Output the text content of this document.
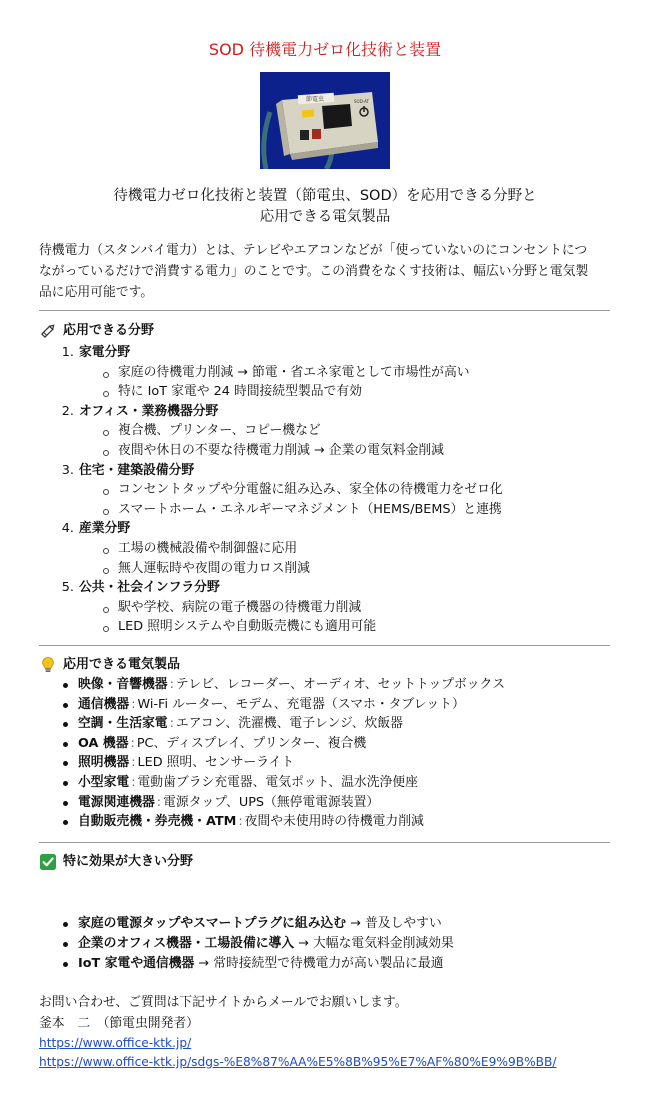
SOD 待機電力ゼロ化技術と装置
節電虫	SOD-AT
待機電力ゼロ化技術と装置（節電虫、SOD）を応用できる分野と
応用できる電気製品
待機電力（スタンバイ電力）とは、テレビやエアコンなどが「使っていないのにコンセントにつ
ながっているだけで消費する電力」のことです。この消費をなくす技術は、幅広い分野と電気製
品に応用可能です。
応用できる分野
1. 家電分野
家庭の待機電力削減 → 節電・省エネ家電として市場性が高い
特に IoT 家電や 24 時間接続型製品で有効
2. オフィス・業務機器分野
複合機、プリンター、コピー機など
夜間や休日の不要な待機電力削減 → 企業の電気料金削減
3. 住宅・建築設備分野
コンセントタップや分電盤に組み込み、家全体の待機電力をゼロ化
スマートホーム・エネルギーマネジメント（HEMS/BEMS）と連携
4. 産業分野
工場の機械設備や制御盤に応用
無人運転時や夜間の電力ロス削減
5. 公共・社会インフラ分野
駅や学校、病院の電子機器の待機電力削減
LED 照明システムや自動販売機にも適用可能
応用できる電気製品
映像・音響機器 : テレビ、レコーダー、オーディオ、セットトップボックス
通信機器 : Wi-Fi ルーター、モデム、充電器（スマホ・タブレット）
空調・生活家電 : エアコン、洗濯機、電子レンジ、炊飯器
OA 機器 : PC、ディスプレイ、プリンター、複合機
照明機器 : LED 照明、センサーライト
小型家電 : 電動歯ブラシ充電器、電気ポット、温水洗浄便座
電源関連機器 : 電源タップ、UPS（無停電電源装置）
自動販売機・券売機・ATM : 夜間や未使用時の待機電力削減
特に効果が大きい分野
家庭の電源タップやスマートプラグに組み込む → 普及しやすい
企業のオフィス機器・工場設備に導入 → 大幅な電気料金削減効果
IoT 家電や通信機器 → 常時接続型で待機電力が高い製品に最適
お問い合わせ、ご質問は下記サイトからメールでお願いします。
釜本　二　（節電虫開発者）
https://www.office-ktk.jp/
https://www.office-ktk.jp/sdgs-%E8%87%AA%E5%8B%95%E7%AF%80%E9%9B%BB/
